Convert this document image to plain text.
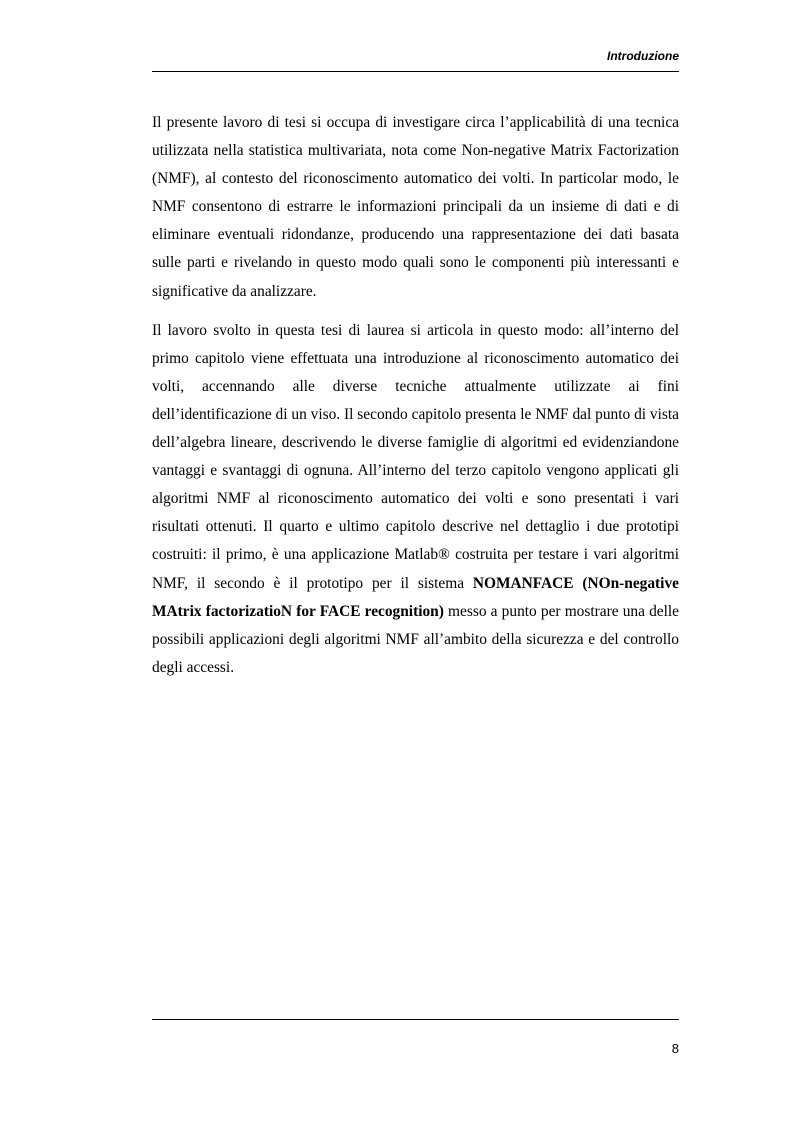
Introduzione

Il presente lavoro di tesi si occupa di investigare circa l’applicabilità di una tecnica utilizzata nella statistica multivariata, nota come Non-negative Matrix Factorization (NMF), al contesto del riconoscimento automatico dei volti. In particolar modo, le NMF consentono di estrarre le informazioni principali da un insieme di dati e di eliminare eventuali ridondanze, producendo una rappresentazione dei dati basata sulle parti e rivelando in questo modo quali sono le componenti più interessanti e significative da analizzare.

Il lavoro svolto in questa tesi di laurea si articola in questo modo: all’interno del primo capitolo viene effettuata una introduzione al riconoscimento automatico dei volti, accennando alle diverse tecniche attualmente utilizzate ai fini dell’identificazione di un viso. Il secondo capitolo presenta le NMF dal punto di vista dell’algebra lineare, descrivendo le diverse famiglie di algoritmi ed evidenziandone vantaggi e svantaggi di ognuna. All’interno del terzo capitolo vengono applicati gli algoritmi NMF al riconoscimento automatico dei volti e sono presentati i vari risultati ottenuti. Il quarto e ultimo capitolo descrive nel dettaglio i due prototipi costruiti: il primo, è una applicazione Matlab® costruita per testare i vari algoritmi NMF, il secondo è il prototipo per il sistema NOMANFACE (NOn-negative MAtrix factorizatioN for FACE recognition) messo a punto per mostrare una delle possibili applicazioni degli algoritmi NMF all’ambito della sicurezza e del controllo degli accessi.

8
